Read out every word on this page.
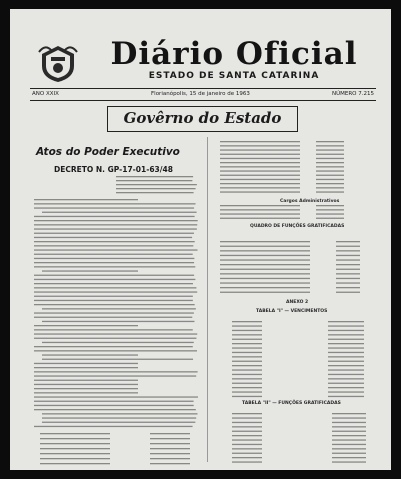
Diário Oficial
ESTADO DE SANTA CATARINA
ANO XXIX	Florianópolis, 15 de janeiro de 1963	NÚMERO 7.215
Govêrno do Estado
Atos do Poder Executivo
DECRETO N. GP-17-01-63/48
QUADRO DE FUNÇÕES GRATIFICADAS
Cargos Administrativos
ANEXO 2
TABELA "I" — VENCIMENTOS
TABELA "II" — FUNÇÕES GRATIFICADAS
